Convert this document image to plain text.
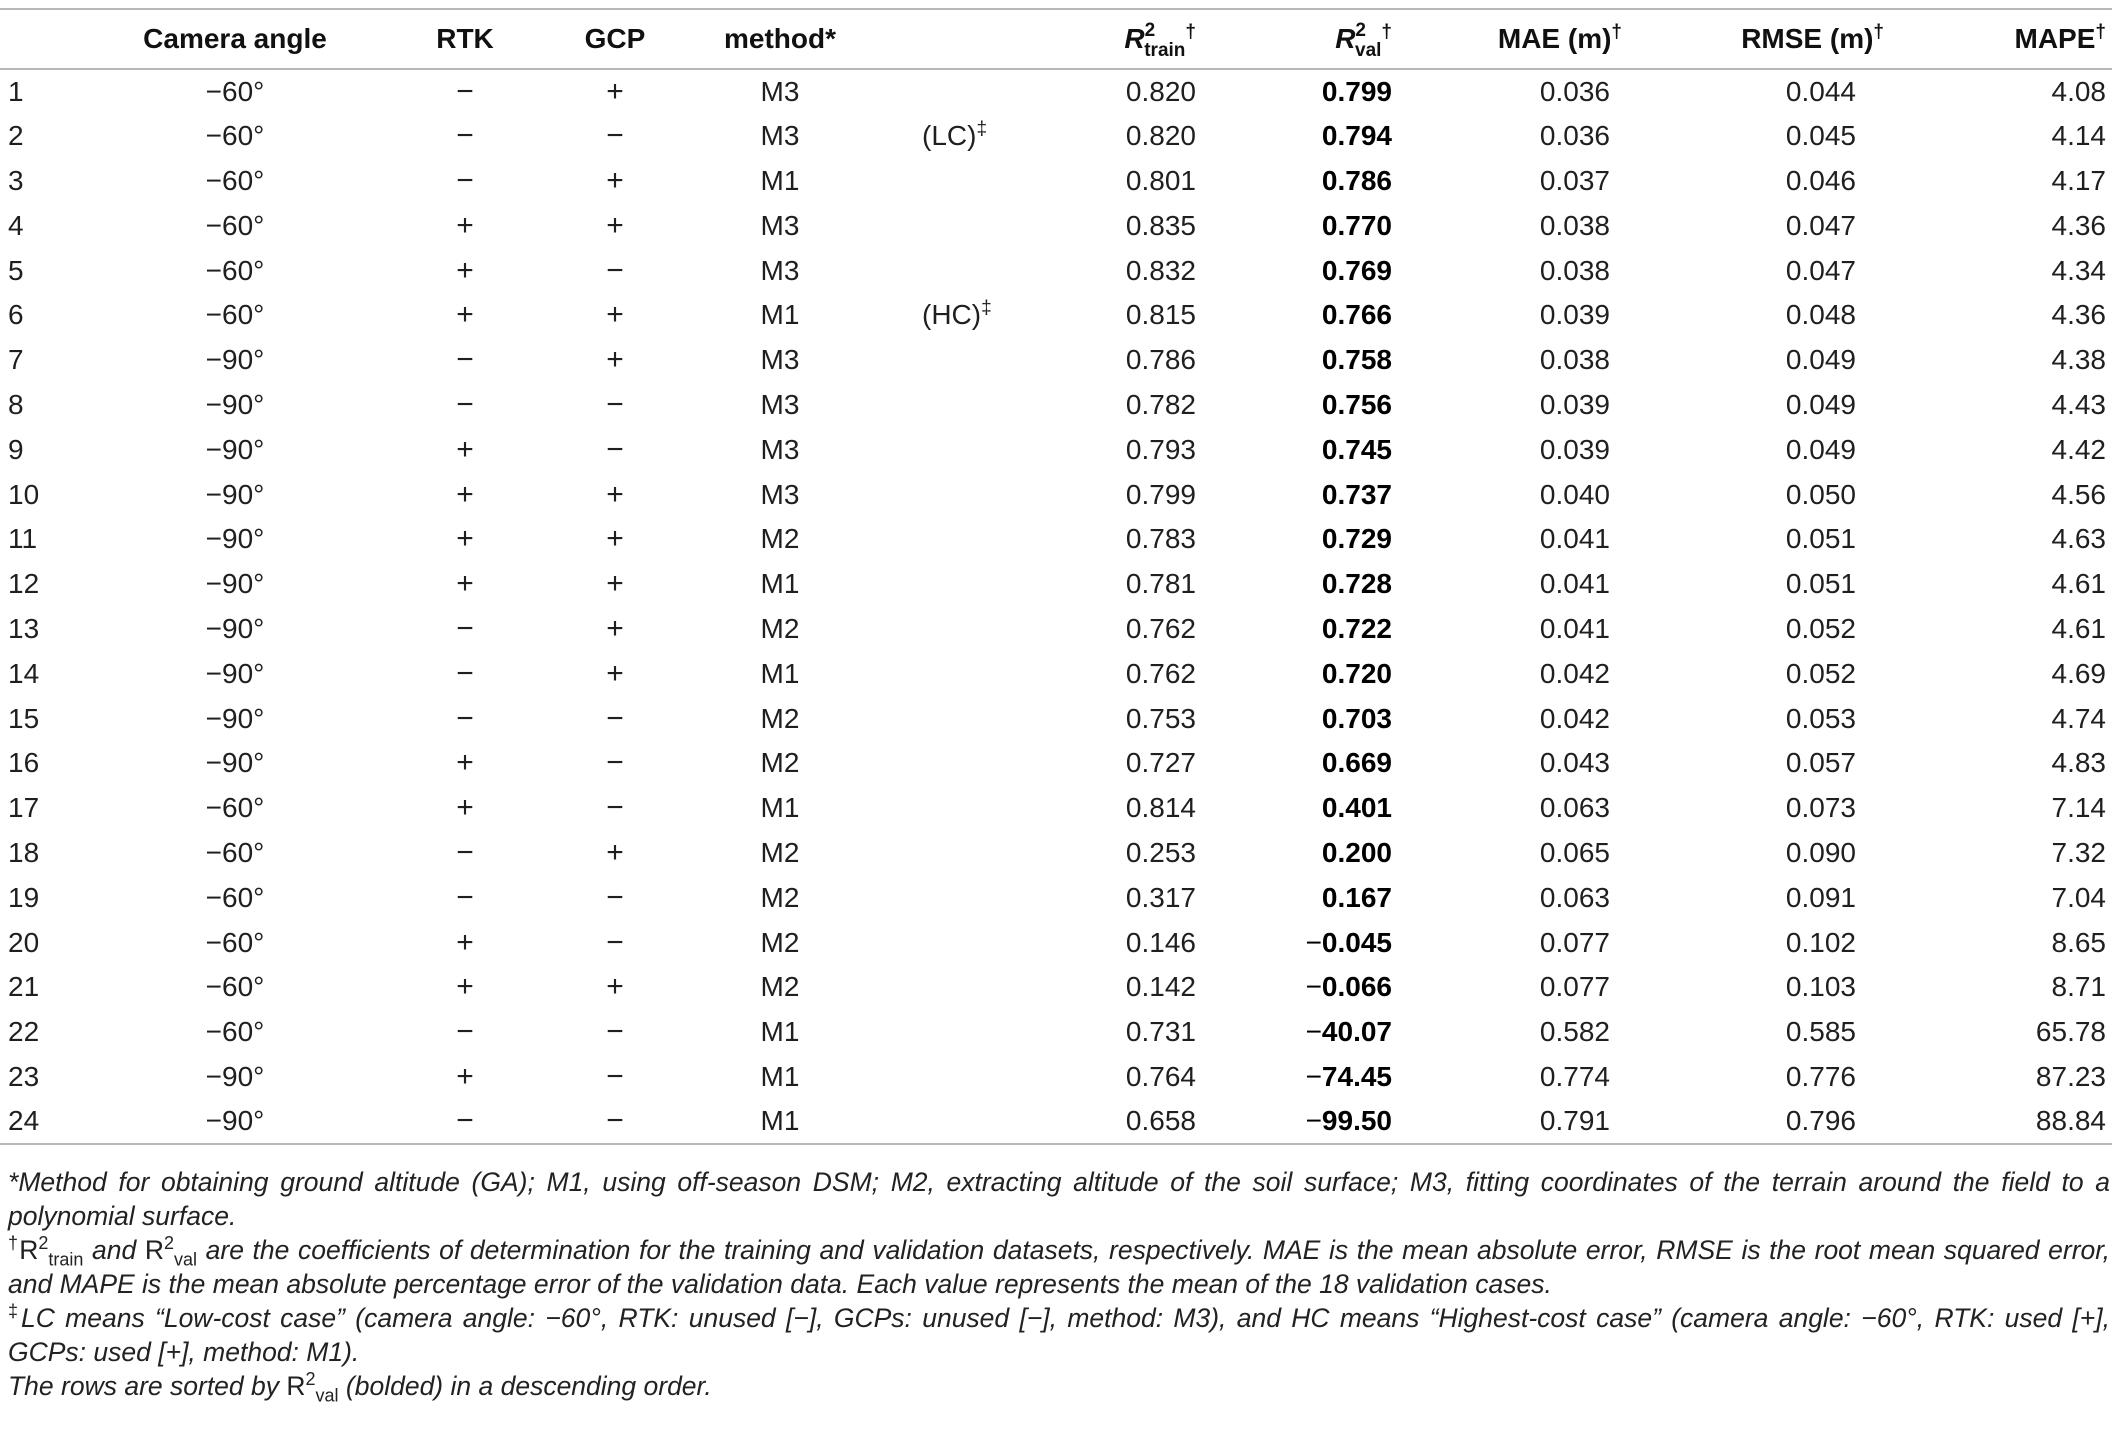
	Camera angle	RTK	GCP	method*		$R^2_{train}^\dagger$	$R^2_{val}^\dagger$	MAE (m)†	RMSE (m)†	MAPE†
1	−60°	−	+	M3		0.820	0.799	0.036	0.044	4.08
2	−60°	−	−	M3	(LC)‡	0.820	0.794	0.036	0.045	4.14
3	−60°	−	+	M1		0.801	0.786	0.037	0.046	4.17
4	−60°	+	+	M3		0.835	0.770	0.038	0.047	4.36
5	−60°	+	−	M3		0.832	0.769	0.038	0.047	4.34
6	−60°	+	+	M1	(HC)‡	0.815	0.766	0.039	0.048	4.36
7	−90°	−	+	M3		0.786	0.758	0.038	0.049	4.38
8	−90°	−	−	M3		0.782	0.756	0.039	0.049	4.43
9	−90°	+	−	M3		0.793	0.745	0.039	0.049	4.42
10	−90°	+	+	M3		0.799	0.737	0.040	0.050	4.56
11	−90°	+	+	M2		0.783	0.729	0.041	0.051	4.63
12	−90°	+	+	M1		0.781	0.728	0.041	0.051	4.61
13	−90°	−	+	M2		0.762	0.722	0.041	0.052	4.61
14	−90°	−	+	M1		0.762	0.720	0.042	0.052	4.69
15	−90°	−	−	M2		0.753	0.703	0.042	0.053	4.74
16	−90°	+	−	M2		0.727	0.669	0.043	0.057	4.83
17	−60°	+	−	M1		0.814	0.401	0.063	0.073	7.14
18	−60°	−	+	M2		0.253	0.200	0.065	0.090	7.32
19	−60°	−	−	M2		0.317	0.167	0.063	0.091	7.04
20	−60°	+	−	M2		0.146	−0.045	0.077	0.102	8.65
21	−60°	+	+	M2		0.142	−0.066	0.077	0.103	8.71
22	−60°	−	−	M1		0.731	−40.07	0.582	0.585	65.78
23	−90°	+	−	M1		0.764	−74.45	0.774	0.776	87.23
24	−90°	−	−	M1		0.658	−99.50	0.791	0.796	88.84

*Method for obtaining ground altitude (GA); M1, using off-season DSM; M2, extracting altitude of the soil surface; M3, fitting coordinates of the terrain around the field to a polynomial surface.

$^\dagger R^2_{train}$ and $R^2_{val}$ are the coefficients of determination for the training and validation datasets, respectively. MAE is the mean absolute error, RMSE is the root mean squared error, and MAPE is the mean absolute percentage error of the validation data. Each value represents the mean of the 18 validation cases.

‡LC means “Low-cost case” (camera angle: −60°, RTK: unused [−], GCPs: unused [−], method: M3), and HC means “Highest-cost case” (camera angle: −60°, RTK: used [+], GCPs: used [+], method: M1).

The rows are sorted by $R^2_{val}$ (bolded) in a descending order.
